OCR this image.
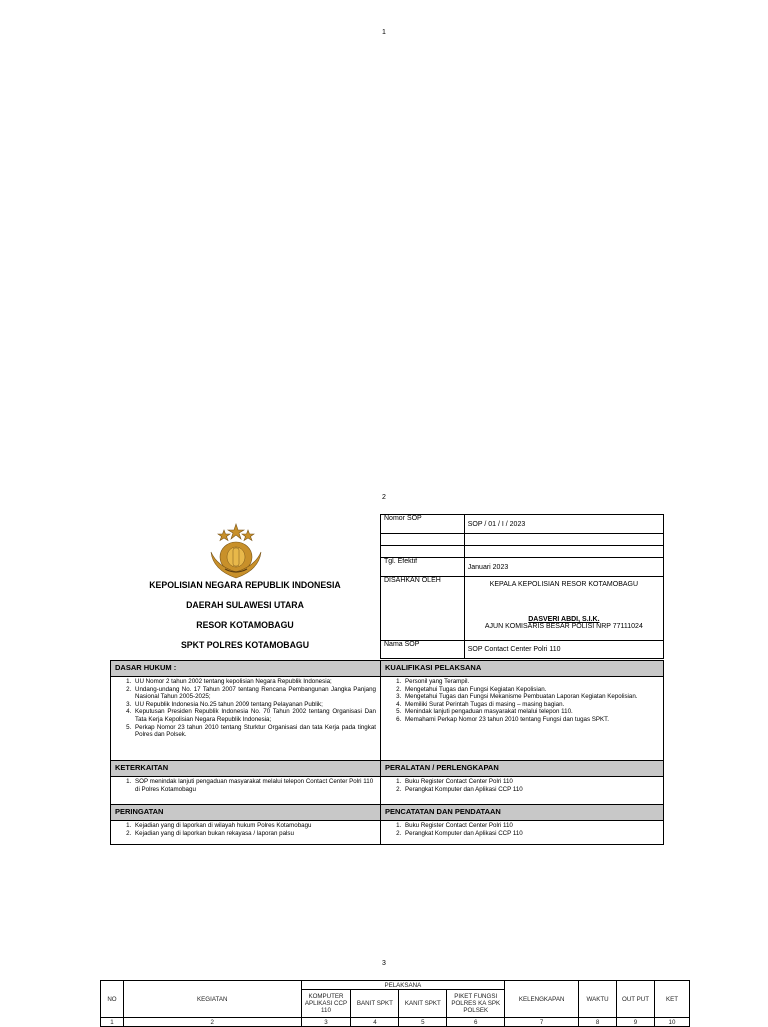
1
2
3
KEPOLISIAN NEGARA REPUBLIK INDONESIA
DAERAH SULAWESI UTARA
RESOR KOTAMOBAGU
SPKT POLRES KOTAMOBAGU
Nomor SOP	SOP / 01 / I / 2023

Tgl. Efektif	Januari 2023
DISAHKAN OLEH	KEPALA KEPOLISIAN RESOR KOTAMOBAGU
DASVERI ABDI, S.I.K.
AJUN KOMISARIS BESAR POLISI NRP 77111024

Nama SOP	SOP Contact Center Polri 110
DASAR HUKUM :
1. UU Nomor 2 tahun 2002 tentang kepolisian Negara Republik Indonesia;
2. Undang-undang No. 17 Tahun 2007 tentang Rencana Pembangunan Jangka Panjang Nasional Tahun 2005-2025;
3. UU Republik Indonesia No.25 tahun 2009 tentang Pelayanan Publik;
4. Keputusan Presiden Republik Indonesia No. 70 Tahun 2002 tentang Organisasi Dan Tata Kerja Kepolisian Negara Republik Indonesia;
5. Perkap Nomor 23 tahun 2010 tentang Sturktur Organisasi dan tata Kerja pada tingkat Polres dan Polsek.
KUALIFIKASI PELAKSANA
1. Personil yang Terampil.
2. Mengetahui Tugas dan Fungsi Kegiatan Kepolisian.
3. Mengetahui Tugas dan Fungsi Mekanisme Pembuatan Laporan Kegiatan Kepolisian.
4. Memiliki Surat Perintah Tugas di masing – masing bagian.
5. Menindak lanjuti pengaduan masyarakat melalui telepon 110.
6. Memahami Perkap Nomor 23 tahun 2010 tentang Fungsi dan tugas SPKT.
KETERKAITAN
1. SOP menindak lanjuti pengaduan masyarakat melalui telepon Contact Center Polri 110 di Polres Kotamobagu
PERALATAN / PERLENGKAPAN
1. Buku Register Contact Center Polri 110
2. Perangkat Komputer dan Aplikasi CCP 110
PERINGATAN
1. Kejadian yang di laporkan di wilayah hukum Polres Kotamobagu
2. Kejadian yang di laporkan bukan rekayasa / laporan palsu
PENCATATAN DAN PENDATAAN
1. Buku Register Contact Center Polri 110
2. Perangkat Komputer dan Aplikasi CCP 110
NO	KEGIATAN	PELAKSANA				KELENGKAPAN	WAKTU	OUT PUT	KET
		KOMPUTER APLIKASI CCP 110	BANIT SPKT	KANIT SPKT	PIKET FUNGSI POLRES KA SPK POLSEK				
1	2	3	4	5	6	7	8	9	10
